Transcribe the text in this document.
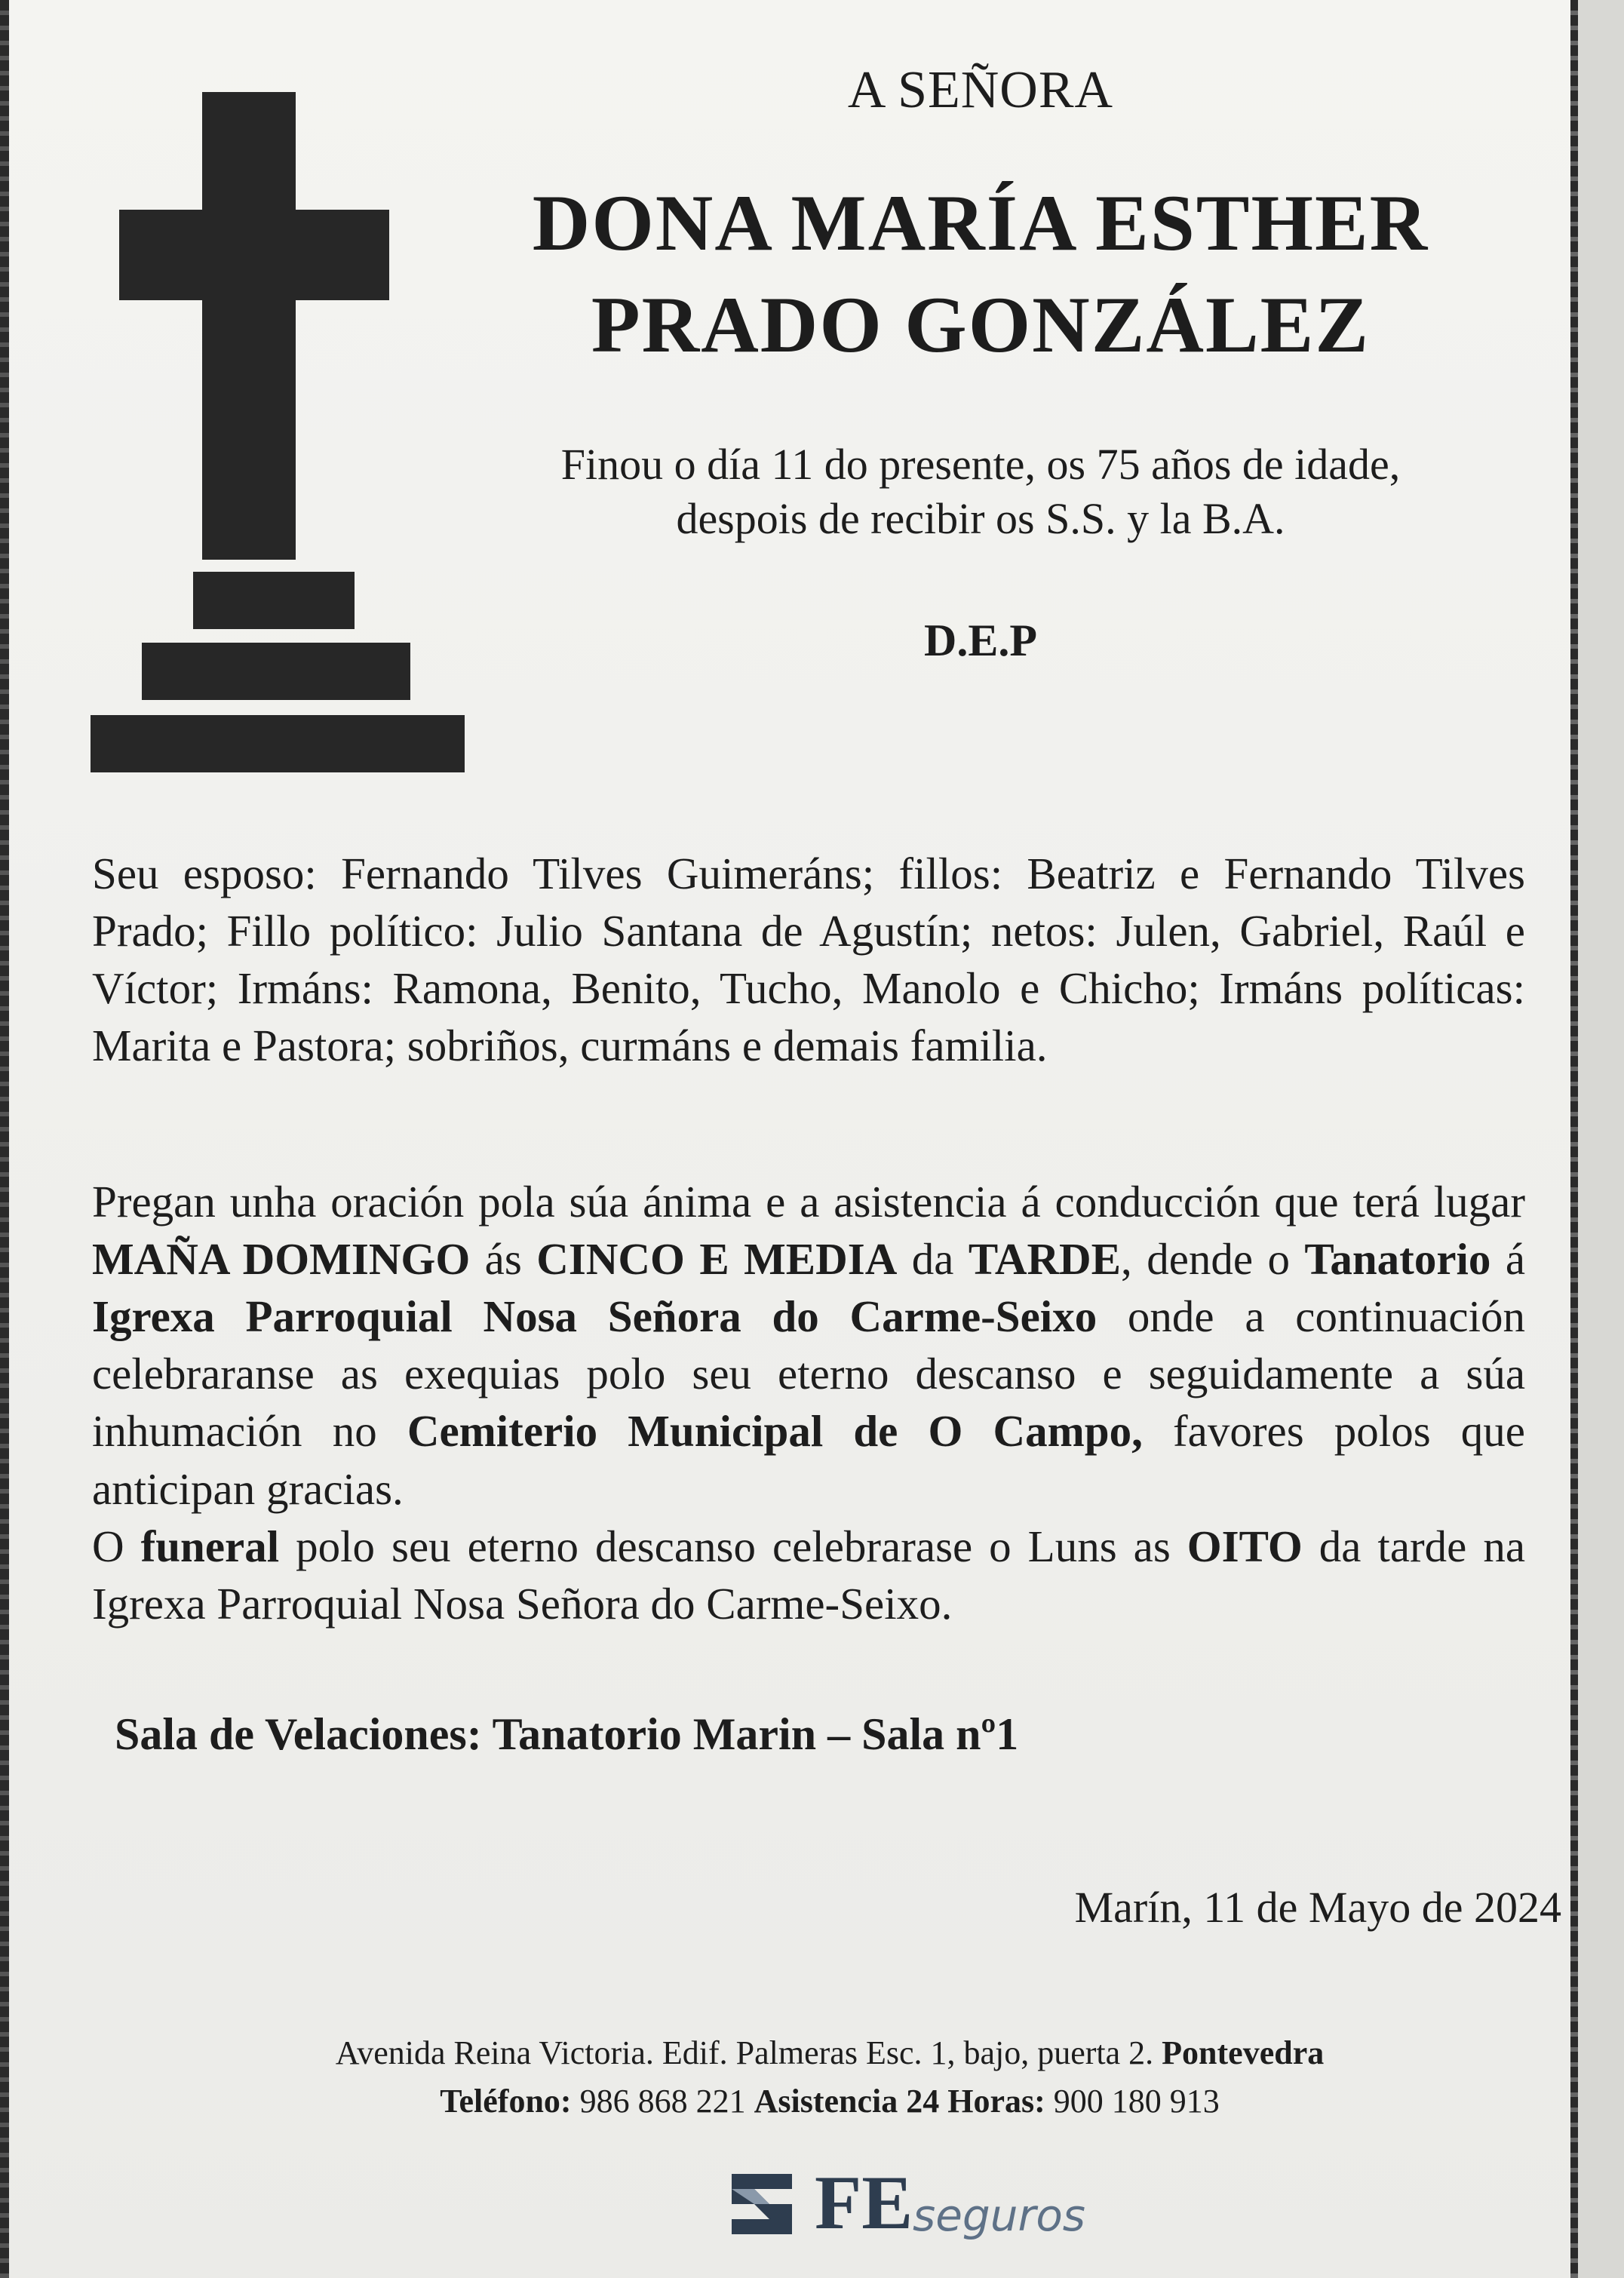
A SEÑORA
DONA MARÍA ESTHER
PRADO GONZÁLEZ
Finou o día 11 do presente, os 75 años de idade,
despois de recibir os S.S. y la B.A.
D.E.P
Seu esposo: Fernando Tilves Guimeráns; fillos: Beatriz e Fernando Tilves Prado; Fillo político: Julio Santana de Agustín; netos: Julen, Gabriel, Raúl e Víctor; Irmáns: Ramona, Benito, Tucho, Manolo e Chicho; Irmáns políticas: Marita e Pastora; sobriños, curmáns e demais familia.
Pregan unha oración pola súa ánima e a asistencia á conducción que terá lugar MAÑA DOMINGO ás CINCO E MEDIA da TARDE, dende o Tanatorio á Igrexa Parroquial Nosa Señora do Carme-Seixo onde a continuación celebraranse as exequias polo seu eterno descanso e seguidamente a súa inhumación no Cemiterio Municipal de O Campo, favores polos que anticipan gracias.
O funeral polo seu eterno descanso celebrarase o Luns as OITO da tarde na Igrexa Parroquial Nosa Señora do Carme-Seixo.
Sala de Velaciones: Tanatorio Marin – Sala nº1
Marín, 11 de Mayo de 2024
Avenida Reina Victoria. Edif. Palmeras Esc. 1, bajo, puerta 2. Pontevedra
Teléfono: 986 868 221 Asistencia 24 Horas: 900 180 913
FE seguros
